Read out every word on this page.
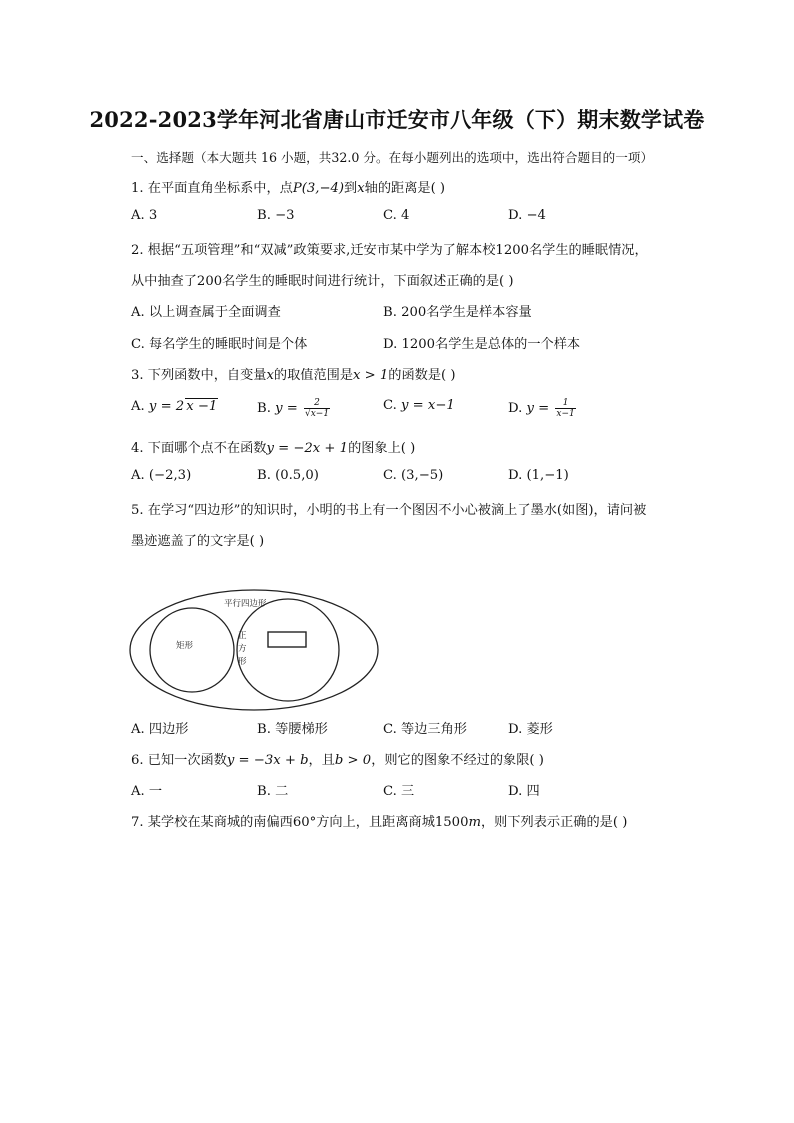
2022-2023学年河北省唐山市迁安市八年级（下）期末数学试卷
一、选择题（本大题共 16 小题，共32.0 分。在每小题列出的选项中，选出符合题目的一项）
1. 在平面直角坐标系中，点P(3,−4)到x轴的距离是( )
A. 3	B. −3	C. 4	D. −4
2. 根据“五项管理”和“双减”政策要求,迁安市某中学为了解本校1200名学生的睡眠情况，
从中抽查了200名学生的睡眠时间进行统计，下面叙述正确的是( )
A. 以上调查属于全面调查	B. 200名学生是样本容量
C. 每名学生的睡眠时间是个体	D. 1200名学生是总体的一个样本
3. 下列函数中，自变量x的取值范围是x > 1的函数是( )
A. y = 2 x −1	B. $y = \frac{2}{√x-1}$	C. y = x−1	D. $y = \frac{1}{x-1}$
4. 下面哪个点不在函数y = −2x + 1的图象上( )
A. (−2,3)	B. (0.5,0)	C. (3,−5)	D. (1,−1)
5. 在学习“四边形”的知识时，小明的书上有一个图因不小心被滴上了墨水(如图)，请问被
墨迹遮盖了的文字是( )
平行四边形
矩形
正
方
形
A. 四边形	B. 等腰梯形	C. 等边三角形	D. 菱形
6. 已知一次函数y = −3x + b，且b > 0，则它的图象不经过的象限( )
A. 一	B. 二	C. 三	D. 四
7. 某学校在某商城的南偏西60°方向上，且距离商城1500m，则下列表示正确的是( )
